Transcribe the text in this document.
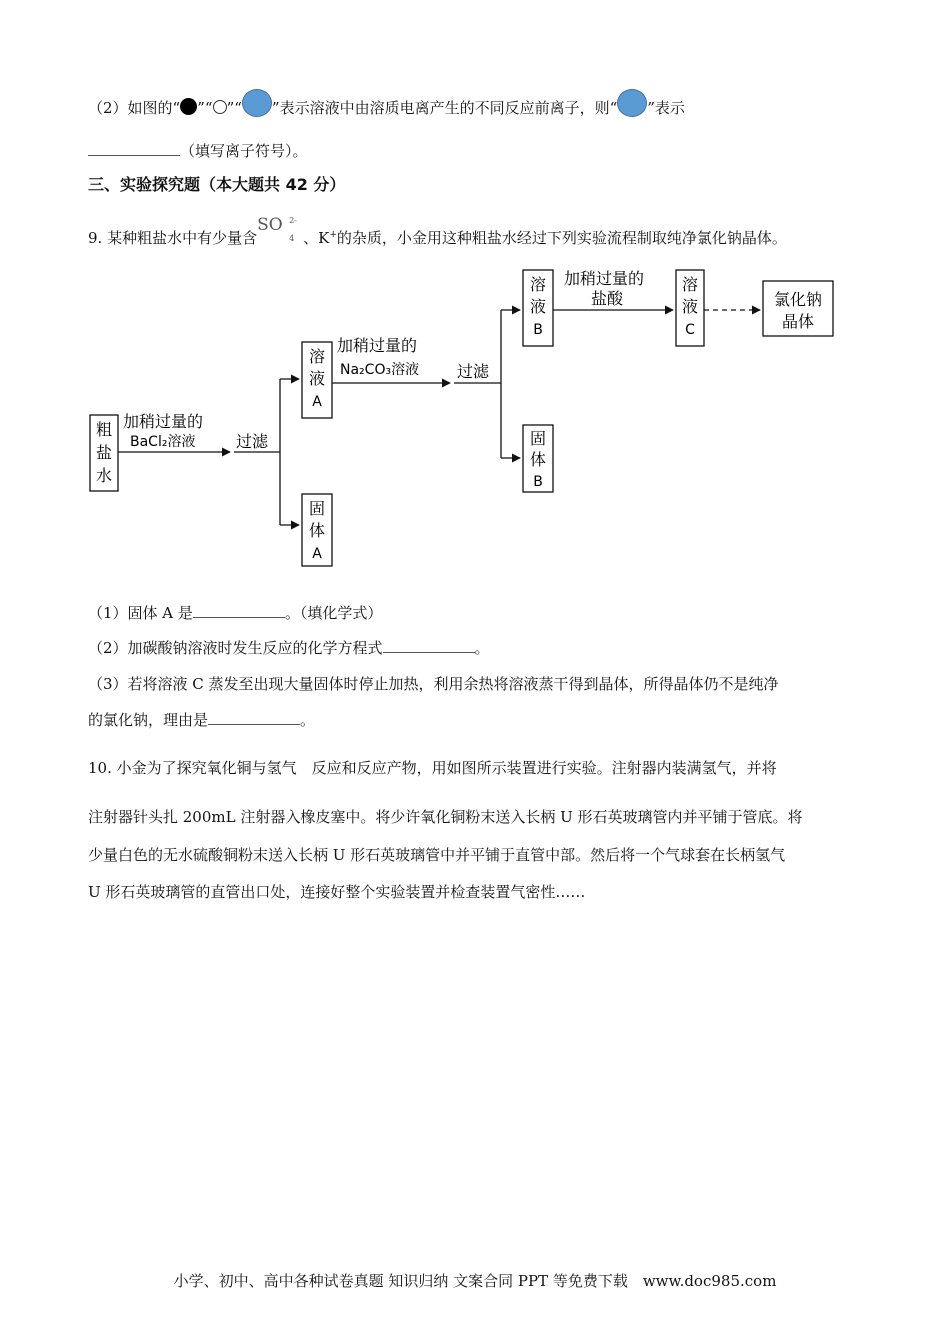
（2）如图的“ ”“ ”“ ”表示溶液中由溶质电离产生的不同反应前离子，则“ ”表示
（填写离子符号）。
三、实验探究题（本大题共 42 分）
9. 某种粗盐水中有少量含
SO 2-
4 、K+的杂质，小金用这种粗盐水经过下列实验流程制取纯净氯化钠晶体。
粗
盐
水
加稍过量的
BaCl₂溶液	过滤
溶
液
A
固
体
A
加稍过量的
Na₂CO₃溶液 过滤
溶
液
B
固
体
B
加稍过量的
盐酸
溶
液
C
氯化钠
晶体
（1）固体 A 是	。（填化学式）
（2）加碳酸钠溶液时发生反应的化学方程式	。
（3）若将溶液 C 蒸发至出现大量固体时停止加热，利用余热将溶液蒸干得到晶体，所得晶体仍不是纯净
的氯化钠，理由是	。
10. 小金为了探究氧化铜与氢气　反应和反应产物，用如图所示装置进行实验。注射器内装满氢气，并将
注射器针头扎 200mL 注射器入橡皮塞中。将少许氧化铜粉末送入长柄 U 形石英玻璃管内并平铺于管底。将
少量白色的无水硫酸铜粉末送入长柄 U 形石英玻璃管中并平铺于直管中部。然后将一个气球套在长柄氢气
U 形石英玻璃管的直管出口处，连接好整个实验装置并检查装置气密性……
小学、初中、高中各种试卷真题 知识归纳 文案合同 PPT 等免费下载　www.doc985.com
